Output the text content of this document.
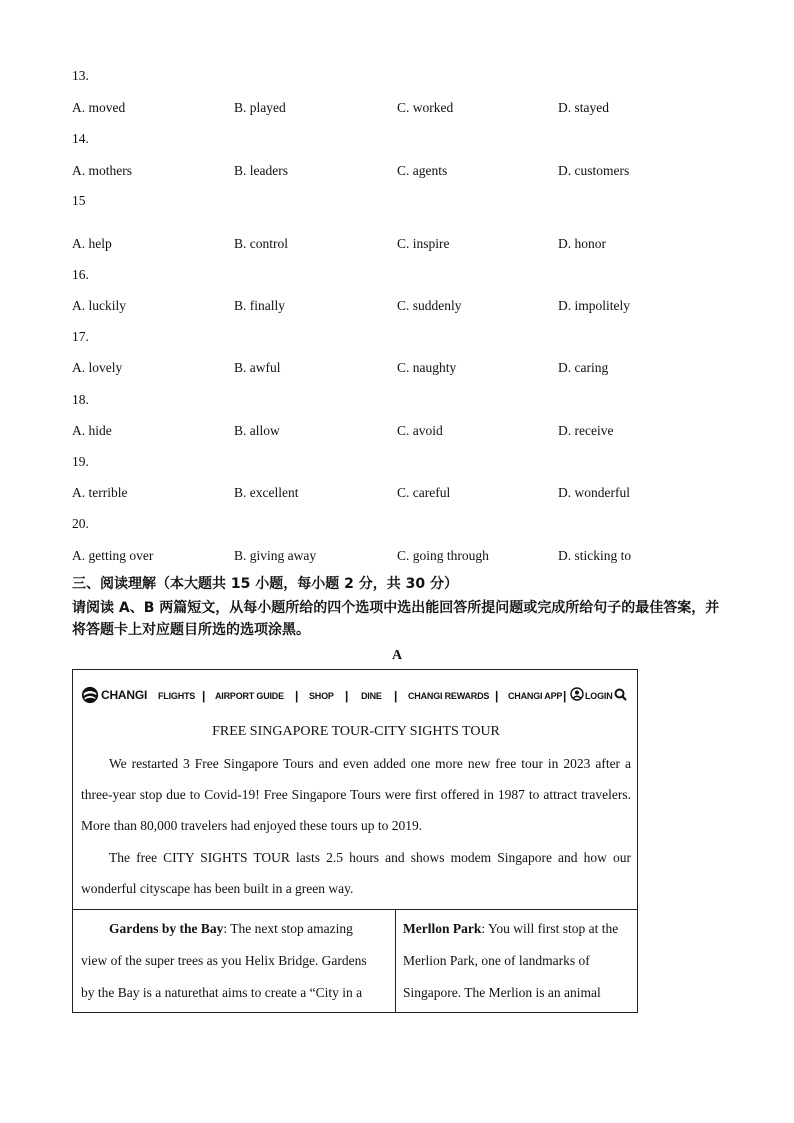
13.
A. moved	B. played	C. worked	D. stayed
14.
A. mothers	B. leaders	C. agents	D. customers
15
A. help	B. control	C. inspire	D. honor
16.
A. luckily	B. finally	C. suddenly	D. impolitely
17.
A. lovely	B. awful	C. naughty	D. caring
18.
A. hide	B. allow	C. avoid	D. receive
19.
A. terrible	B. excellent	C. careful	D. wonderful
20.
A. getting over	B. giving away	C. going through	D. sticking to
三、阅读理解（本大题共 15 小题，每小题 2 分，共 30 分）
请阅读 A、B 两篇短文，从每小题所给的四个选项中选出能回答所提问题或完成所给句子的最佳答案，并将答题卡上对应题目所选的选项涂黑。
A
CHANGI FLIGHTS | AIRPORT GUIDE | SHOP | DINE | CHANGI REWARDS | CHANGI APP | LOGIN
FREE SINGAPORE TOUR-CITY SIGHTS TOUR
We restarted 3 Free Singapore Tours and even added one more new free tour in 2023 after a three-year stop due to Covid-19! Free Singapore Tours were first offered in 1987 to attract travelers. More than 80,000 travelers had enjoyed these tours up to 2019.
The free CITY SIGHTS TOUR lasts 2.5 hours and shows modem Singapore and how our wonderful cityscape has been built in a green way.
Gardens by the Bay: The next stop amazing view of the super trees as you Helix Bridge. Gardens by the Bay is a naturethat aims to create a “City in a
Merllon Park: You will first stop at the Merlion Park, one of landmarks of Singapore. The Merlion is an animal
